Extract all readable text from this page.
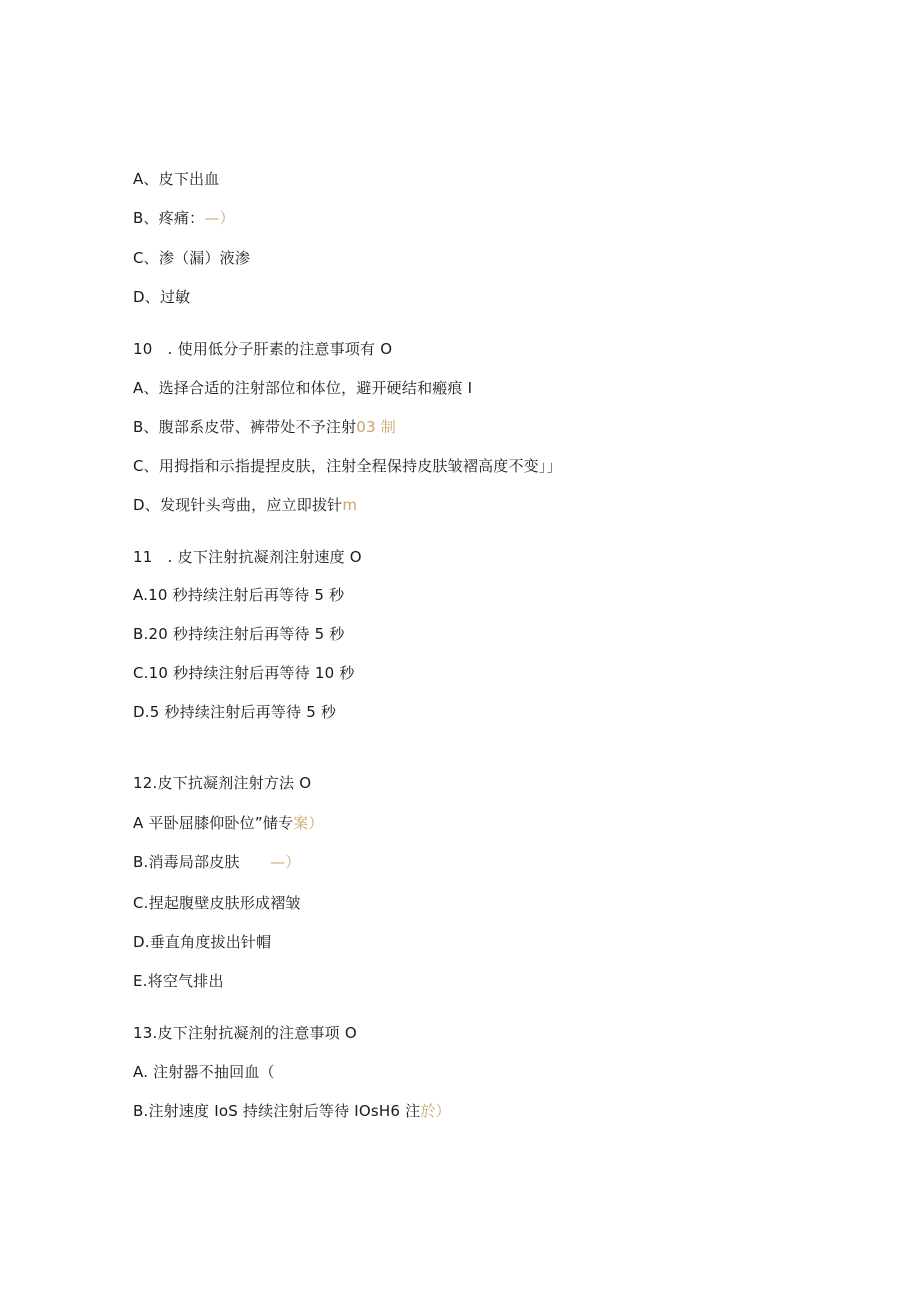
A、皮下出血
B、疼痛：—）
C、渗（漏）液渗
D、过敏
10　. 使用低分子肝素的注意事项有 O
A、选择合适的注射部位和体位，避开硬结和瘢痕 I
B、腹部系皮带、裤带处不予注射03 制
C、用拇指和示指提捏皮肤，注射全程保持皮肤皱褶高度不变」」
D、发现针头弯曲，应立即拔针m
11　. 皮下注射抗凝剂注射速度 O
A.10 秒持续注射后再等待 5 秒
B.20 秒持续注射后再等待 5 秒
C.10 秒持续注射后再等待 10 秒
D.5 秒持续注射后再等待 5 秒
12.皮下抗凝剂注射方法 O
A 平卧屈膝仰卧位”储专案）
B.消毒局部皮肤　　—）
C.捏起腹壁皮肤形成褶皱
D.垂直角度拔出针帽
E.将空气排出
13.皮下注射抗凝剂的注意事项 O
A. 注射器不抽回血（
B.注射速度 IoS 持续注射后等待 IOsH6 注於）
